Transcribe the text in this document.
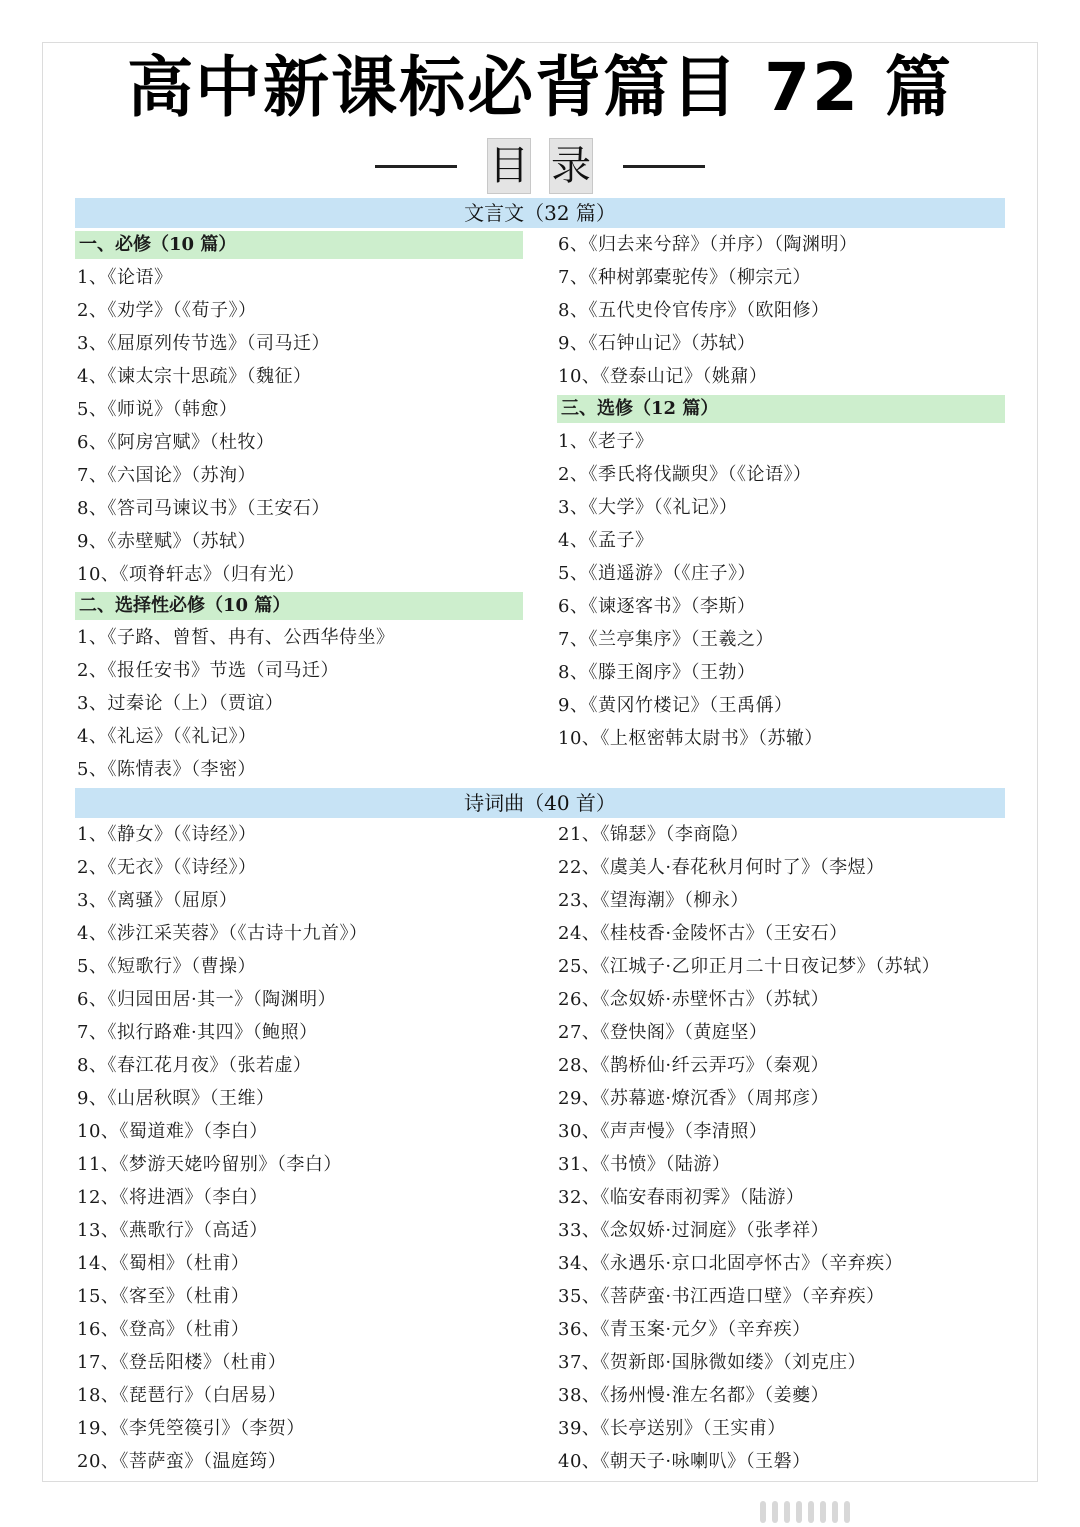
高中新课标必背篇目 72 篇
目 录
文言文（32 篇）
一、必修（10 篇）
1、《论语》
2、《劝学》（《荀子》）
3、《屈原列传节选》（司马迁）
4、《谏太宗十思疏》（魏征）
5、《师说》（韩愈）
6、《阿房宫赋》（杜牧）
7、《六国论》（苏洵）
8、《答司马谏议书》（王安石）
9、《赤壁赋》（苏轼）
10、《项脊轩志》（归有光）
二、选择性必修（10 篇）
1、《子路、曾皙、冉有、公西华侍坐》
2、《报任安书》节选（司马迁）
3、过秦论（上）（贾谊）
4、《礼运》（《礼记》）
5、《陈情表》（李密）
6、《归去来兮辞》（并序）（陶渊明）
7、《种树郭橐驼传》（柳宗元）
8、《五代史伶官传序》（欧阳修）
9、《石钟山记》（苏轼）
10、《登泰山记》（姚鼐）
三、选修（12 篇）
1、《老子》
2、《季氏将伐颛臾》（《论语》）
3、《大学》（《礼记》）
4、《孟子》
5、《逍遥游》（《庄子》）
6、《谏逐客书》（李斯）
7、《兰亭集序》（王羲之）
8、《滕王阁序》（王勃）
9、《黄冈竹楼记》（王禹偁）
10、《上枢密韩太尉书》（苏辙）
诗词曲（40 首）
1、《静女》（《诗经》）
2、《无衣》（《诗经》）
3、《离骚》（屈原）
4、《涉江采芙蓉》（《古诗十九首》）
5、《短歌行》（曹操）
6、《归园田居·其一》（陶渊明）
7、《拟行路难·其四》（鲍照）
8、《春江花月夜》（张若虚）
9、《山居秋暝》（王维）
10、《蜀道难》（李白）
11、《梦游天姥吟留别》（李白）
12、《将进酒》（李白）
13、《燕歌行》（高适）
14、《蜀相》（杜甫）
15、《客至》（杜甫）
16、《登高》（杜甫）
17、《登岳阳楼》（杜甫）
18、《琵琶行》（白居易）
19、《李凭箜篌引》（李贺）
20、《菩萨蛮》（温庭筠）
21、《锦瑟》（李商隐）
22、《虞美人·春花秋月何时了》（李煜）
23、《望海潮》（柳永）
24、《桂枝香·金陵怀古》（王安石）
25、《江城子·乙卯正月二十日夜记梦》（苏轼）
26、《念奴娇·赤壁怀古》（苏轼）
27、《登快阁》（黄庭坚）
28、《鹊桥仙·纤云弄巧》（秦观）
29、《苏幕遮·燎沉香》（周邦彦）
30、《声声慢》（李清照）
31、《书愤》（陆游）
32、《临安春雨初霁》（陆游）
33、《念奴娇·过洞庭》（张孝祥）
34、《永遇乐·京口北固亭怀古》（辛弃疾）
35、《菩萨蛮·书江西造口壁》（辛弃疾）
36、《青玉案·元夕》（辛弃疾）
37、《贺新郎·国脉微如缕》（刘克庄）
38、《扬州慢·淮左名都》（姜夔）
39、《长亭送别》（王实甫）
40、《朝天子·咏喇叭》（王磐）
